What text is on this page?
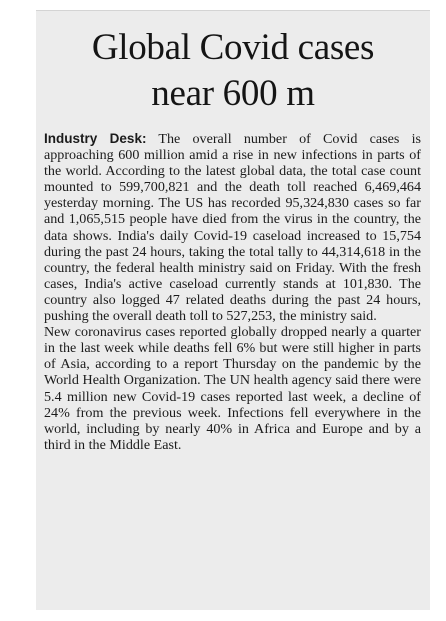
Global Covid cases
near 600 m

Industry Desk: The overall number of Covid cases is approaching 600 million amid a rise in new infections in parts of the world. According to the latest global data, the total case count mounted to 599,700,821 and the death toll reached 6,469,464 yesterday morning. The US has recorded 95,324,830 cases so far and 1,065,515 people have died from the virus in the country, the data shows. India's daily Covid-19 caseload increased to 15,754 during the past 24 hours, taking the total tally to 44,314,618 in the country, the federal health ministry said on Friday. With the fresh cases, India's active caseload currently stands at 101,830. The country also logged 47 related deaths during the past 24 hours, pushing the overall death toll to 527,253, the ministry said.

New coronavirus cases reported globally dropped nearly a quarter in the last week while deaths fell 6% but were still higher in parts of Asia, according to a report Thursday on the pandemic by the World Health Organization. The UN health agency said there were 5.4 million new Covid-19 cases reported last week, a decline of 24% from the previous week. Infections fell everywhere in the world, including by nearly 40% in Africa and Europe and by a third in the Middle East.
